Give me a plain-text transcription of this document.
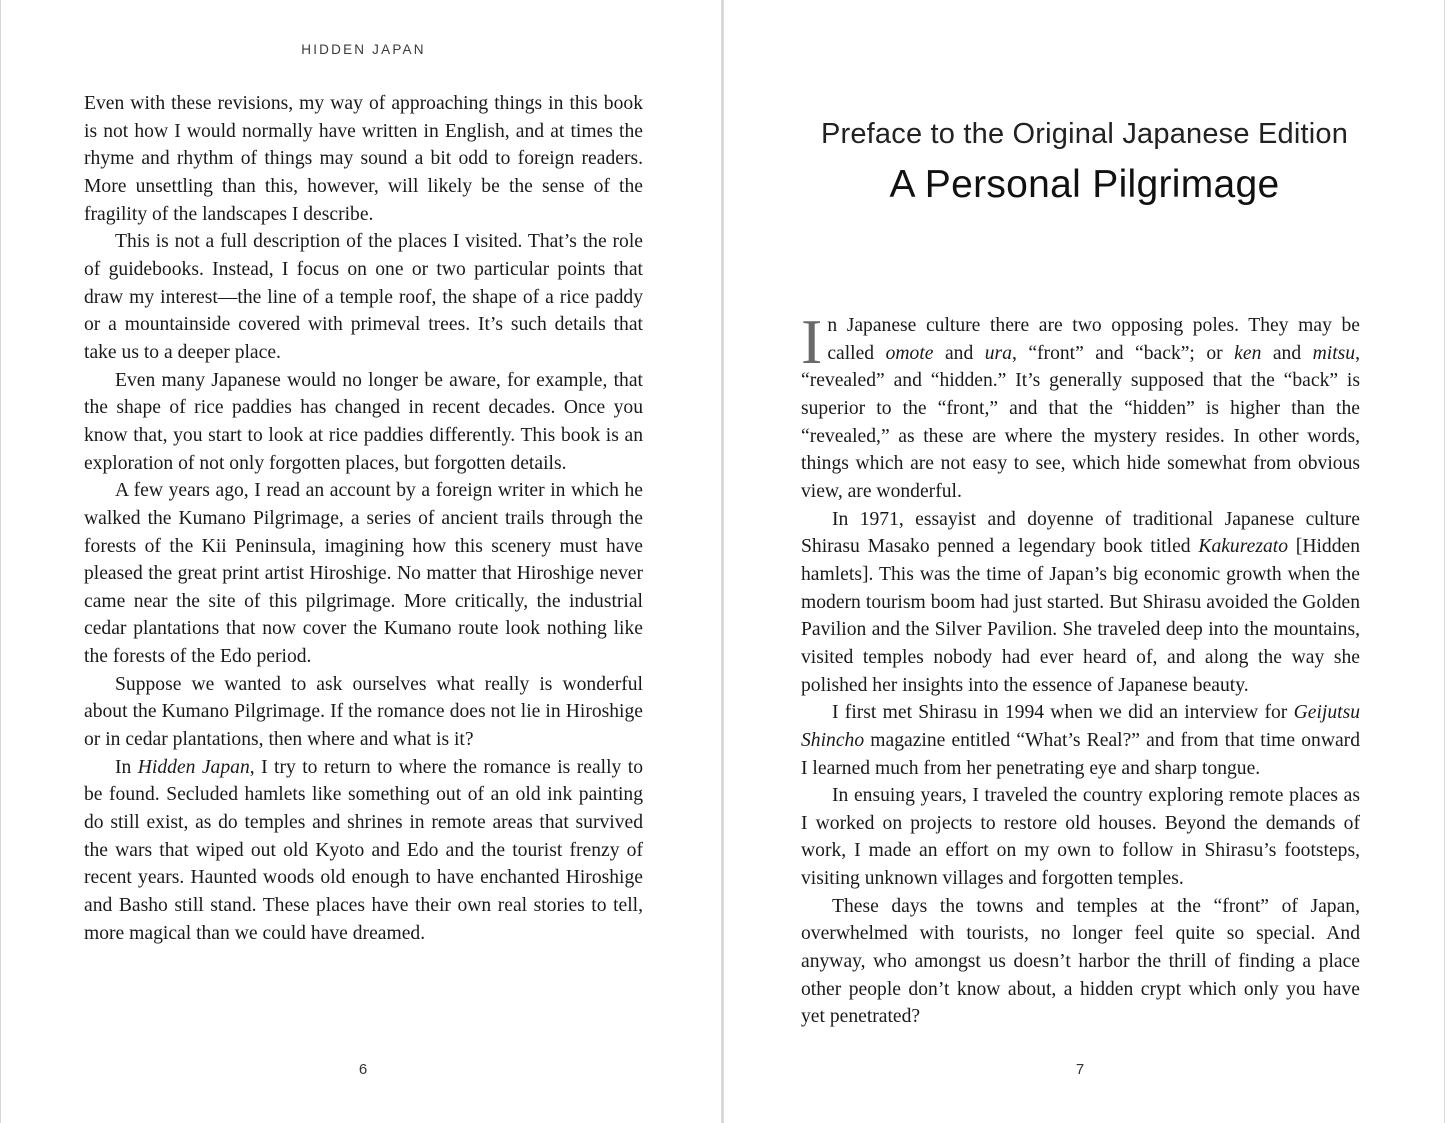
HIDDEN JAPAN

Even with these revisions, my way of approaching things in this book is not how I would normally have written in English, and at times the rhyme and rhythm of things may sound a bit odd to foreign readers. More unsettling than this, however, will likely be the sense of the fragility of the landscapes I describe.

This is not a full description of the places I visited. That’s the role of guidebooks. Instead, I focus on one or two particular points that draw my interest—the line of a temple roof, the shape of a rice paddy or a mountainside covered with primeval trees. It’s such details that take us to a deeper place.

Even many Japanese would no longer be aware, for example, that the shape of rice paddies has changed in recent decades. Once you know that, you start to look at rice paddies differently. This book is an exploration of not only forgotten places, but forgotten details.

A few years ago, I read an account by a foreign writer in which he walked the Kumano Pilgrimage, a series of ancient trails through the forests of the Kii Peninsula, imagining how this scenery must have pleased the great print artist Hiroshige. No matter that Hiroshige never came near the site of this pilgrimage. More critically, the industrial cedar plantations that now cover the Kumano route look nothing like the forests of the Edo period.

Suppose we wanted to ask ourselves what really is wonderful about the Kumano Pilgrimage. If the romance does not lie in Hiroshige or in cedar plantations, then where and what is it?

In Hidden Japan, I try to return to where the romance is really to be found. Secluded hamlets like something out of an old ink painting do still exist, as do temples and shrines in remote areas that survived the wars that wiped out old Kyoto and Edo and the tourist frenzy of recent years. Haunted woods old enough to have enchanted Hiroshige and Basho still stand. These places have their own real stories to tell, more magical than we could have dreamed.

6
Preface to the Original Japanese Edition
A Personal Pilgrimage

In Japanese culture there are two opposing poles. They may be called omote and ura, “front” and “back”; or ken and mitsu, “revealed” and “hidden.” It’s generally supposed that the “back” is superior to the “front,” and that the “hidden” is higher than the “revealed,” as these are where the mystery resides. In other words, things which are not easy to see, which hide somewhat from obvious view, are wonderful.

In 1971, essayist and doyenne of traditional Japanese culture Shirasu Masako penned a legendary book titled Kakurezato [Hidden hamlets]. This was the time of Japan’s big economic growth when the modern tourism boom had just started. But Shirasu avoided the Golden Pavilion and the Silver Pavilion. She traveled deep into the mountains, visited temples nobody had ever heard of, and along the way she polished her insights into the essence of Japanese beauty.

I first met Shirasu in 1994 when we did an interview for Geijutsu Shincho magazine entitled “What’s Real?” and from that time onward I learned much from her penetrating eye and sharp tongue.

In ensuing years, I traveled the country exploring remote places as I worked on projects to restore old houses. Beyond the demands of work, I made an effort on my own to follow in Shirasu’s footsteps, visiting unknown villages and forgotten temples.

These days the towns and temples at the “front” of Japan, overwhelmed with tourists, no longer feel quite so special. And anyway, who amongst us doesn’t harbor the thrill of finding a place other people don’t know about, a hidden crypt which only you have yet penetrated?

7
